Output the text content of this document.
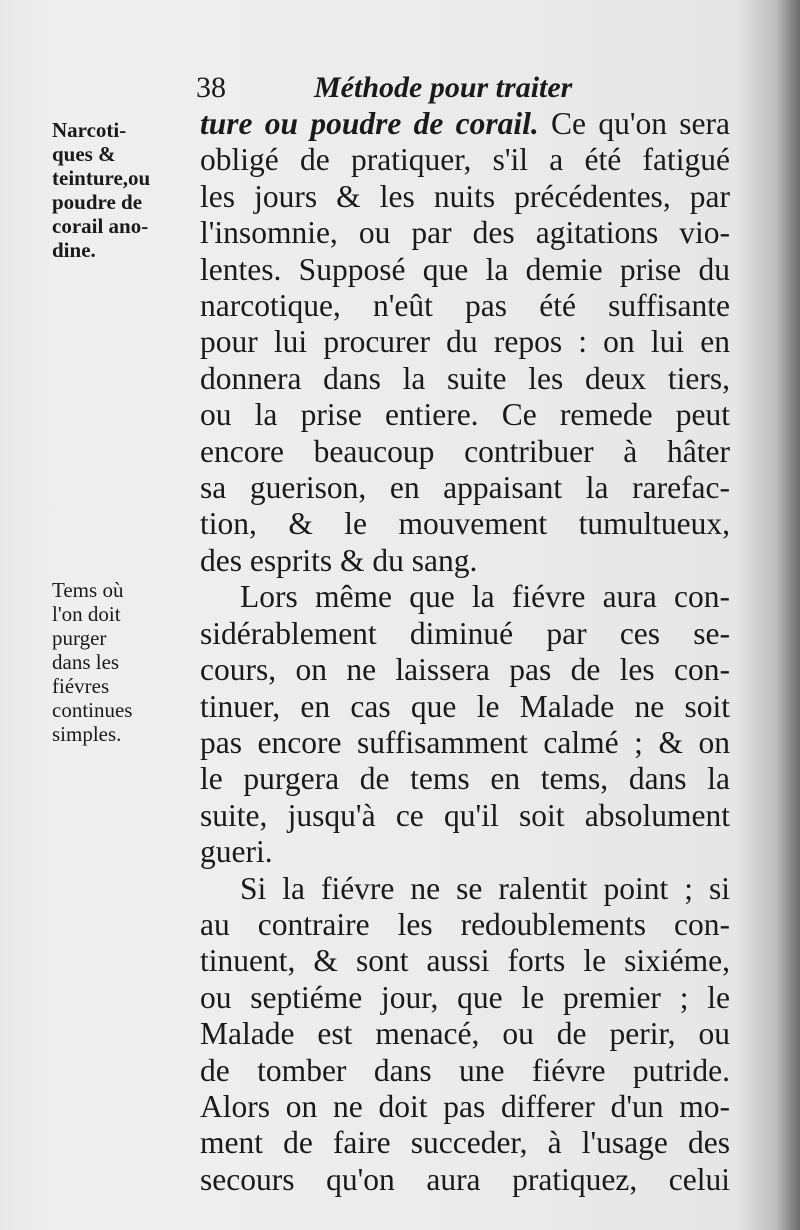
38	Méthode pour traiter
Narcoti-
ques &
teinture,ou
poudre de
corail ano-
dine.
Tems où
l'on doit
purger
dans les
fiévres
continues
simples.
ture ou poudre de corail. Ce qu'on sera
obligé de pratiquer, s'il a été fatigué
les jours & les nuits précédentes, par
l'insomnie, ou par des agitations vio-
lentes. Supposé que la demie prise du
narcotique, n'eût pas été suffisante
pour lui procurer du repos : on lui en
donnera dans la suite les deux tiers,
ou la prise entiere. Ce remede peut
encore beaucoup contribuer à hâter
sa guerison, en appaisant la rarefac-
tion, & le mouvement tumultueux,
des esprits & du sang.
Lors même que la fiévre aura con-
sidérablement diminué par ces se-
cours, on ne laissera pas de les con-
tinuer, en cas que le Malade ne soit
pas encore suffisamment calmé ; & on
le purgera de tems en tems, dans la
suite, jusqu'à ce qu'il soit absolument
gueri.
Si la fiévre ne se ralentit point ; si
au contraire les redoublements con-
tinuent, & sont aussi forts le sixiéme,
ou septiéme jour, que le premier ; le
Malade est menacé, ou de perir, ou
de tomber dans une fiévre putride.
Alors on ne doit pas differer d'un mo-
ment de faire succeder, à l'usage des
secours qu'on aura pratiquez, celui
